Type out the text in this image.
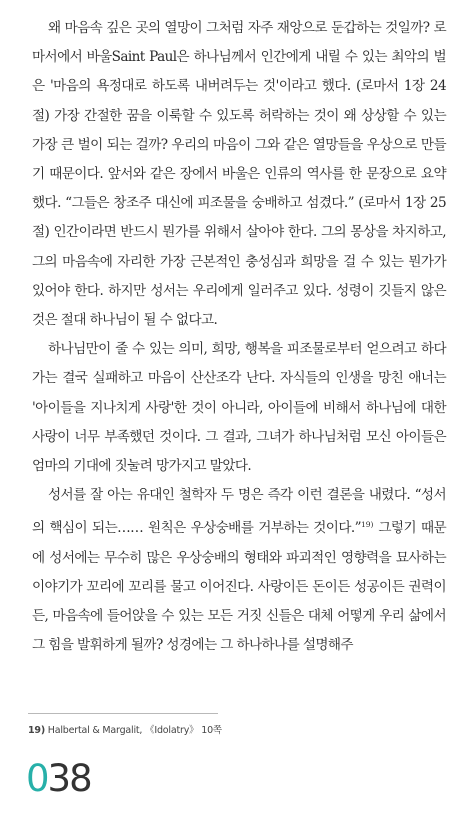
왜 마음속 깊은 곳의 열망이 그처럼 자주 재앙으로 둔갑하는 것일까? 로마서에서 바울Saint Paul은 하나님께서 인간에게 내릴 수 있는 최악의 벌은 '마음의 욕정대로 하도록 내버려두는 것'이라고 했다. (로마서 1장 24절) 가장 간절한 꿈을 이룩할 수 있도록 허락하는 것이 왜 상상할 수 있는 가장 큰 벌이 되는 걸까? 우리의 마음이 그와 같은 열망들을 우상으로 만들기 때문이다. 앞서와 같은 장에서 바울은 인류의 역사를 한 문장으로 요약했다. “그들은 창조주 대신에 피조물을 숭배하고 섬겼다.” (로마서 1장 25절) 인간이라면 반드시 뭔가를 위해서 살아야 한다. 그의 몽상을 차지하고, 그의 마음속에 자리한 가장 근본적인 충성심과 희망을 걸 수 있는 뭔가가 있어야 한다. 하지만 성서는 우리에게 일러주고 있다. 성령이 깃들지 않은 것은 절대 하나님이 될 수 없다고.

하나님만이 줄 수 있는 의미, 희망, 행복을 피조물로부터 얻으려고 하다가는 결국 실패하고 마음이 산산조각 난다. 자식들의 인생을 망친 애너는 '아이들을 지나치게 사랑'한 것이 아니라, 아이들에 비해서 하나님에 대한 사랑이 너무 부족했던 것이다. 그 결과, 그녀가 하나님처럼 모신 아이들은 엄마의 기대에 짓눌려 망가지고 말았다.

성서를 잘 아는 유대인 철학자 두 명은 즉각 이런 결론을 내렸다. “성서의 핵심이 되는…… 원칙은 우상숭배를 거부하는 것이다.”$^{19)}$ 그렇기 때문에 성서에는 무수히 많은 우상숭배의 형태와 파괴적인 영향력을 묘사하는 이야기가 꼬리에 꼬리를 물고 이어진다. 사랑이든 돈이든 성공이든 권력이든, 마음속에 들어앉을 수 있는 모든 거짓 신들은 대체 어떻게 우리 삶에서 그 힘을 발휘하게 될까? 성경에는 그 하나하나를 설명해주

19) Halbertal & Margalit, 《Idolatry》 10쪽
038
